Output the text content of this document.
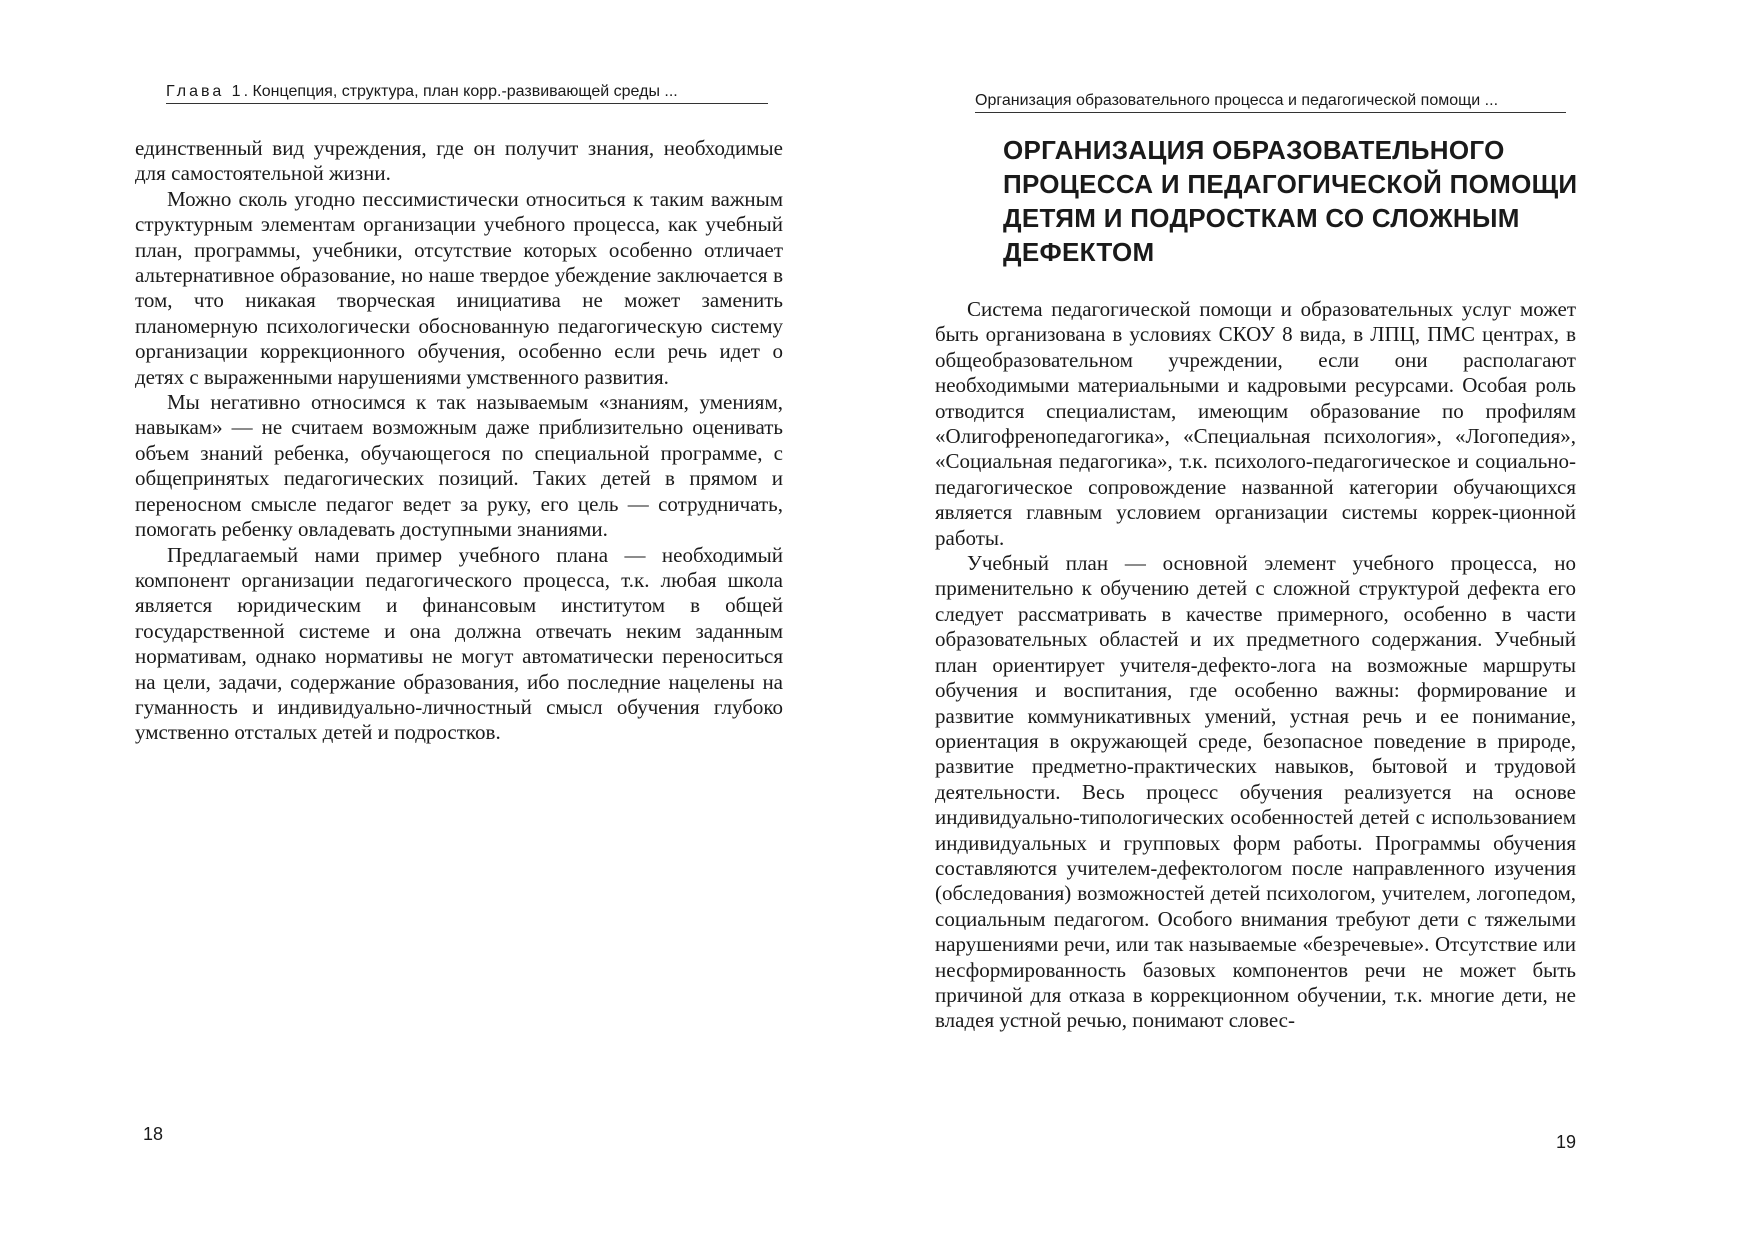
Глава 1. Концепция, структура, план корр.-развивающей среды ...

единственный вид учреждения, где он получит знания, необходимые для самостоятельной жизни.

Можно сколь угодно пессимистически относиться к таким важным структурным элементам организации учебного процесса, как учебный план, программы, учебники, отсутствие которых особенно отличает альтернативное образование, но наше твердое убеждение заключается в том, что никакая творческая инициатива не может заменить планомерную психологически обоснованную педагогическую систему организации коррекционного обучения, особенно если речь идет о детях с выраженными нарушениями умственного развития.

Мы негативно относимся к так называемым «знаниям, умениям, навыкам» — не считаем возможным даже приблизительно оценивать объем знаний ребенка, обучающегося по специальной программе, с общепринятых педагогических позиций. Таких детей в прямом и переносном смысле педагог ведет за руку, его цель — сотрудничать, помогать ребенку овладевать доступными знаниями.

Предлагаемый нами пример учебного плана — необходимый компонент организации педагогического процесса, т.к. любая школа является юридическим и финансовым институтом в общей государственной системе и она должна отвечать неким заданным нормативам, однако нормативы не могут автоматически переноситься на цели, задачи, содержание образования, ибо последние нацелены на гуманность и индивидуально-личностный смысл обучения глубоко умственно отсталых детей и подростков.

18
Организация образовательного процесса и педагогической помощи ...
ОРГАНИЗАЦИЯ ОБРАЗОВАТЕЛЬНОГО ПРОЦЕССА И ПЕДАГОГИЧЕСКОЙ ПОМОЩИ ДЕТЯМ И ПОДРОСТКАМ СО СЛОЖНЫМ ДЕФЕКТОМ

Система педагогической помощи и образовательных услуг может быть организована в условиях СКОУ 8 вида, в ЛПЦ, ПМС центрах, в общеобразовательном учреждении, если они располагают необходимыми материальными и кадровыми ресурсами. Особая роль отводится специалистам, имеющим образование по профилям «Олигофренопедагогика», «Специальная психология», «Логопедия», «Социальная педагогика», т.к. психолого-педагогическое и социально-педагогическое сопровождение названной категории обучающихся является главным условием организации системы коррек-ционной работы.

Учебный план — основной элемент учебного процесса, но применительно к обучению детей с сложной структурой дефекта его следует рассматривать в качестве примерного, особенно в части образовательных областей и их предметного содержания. Учебный план ориентирует учителя-дефекто-лога на возможные маршруты обучения и воспитания, где особенно важны: формирование и развитие коммуникативных умений, устная речь и ее понимание, ориентация в окружающей среде, безопасное поведение в природе, развитие предметно-практических навыков, бытовой и трудовой деятельности. Весь процесс обучения реализуется на основе индивидуально-типологических особенностей детей с использованием индивидуальных и групповых форм работы. Программы обучения составляются учителем-дефектологом после направленного изучения (обследования) возможностей детей психологом, учителем, логопедом, социальным педагогом. Особого внимания требуют дети с тяжелыми нарушениями речи, или так называемые «безречевые». Отсутствие или несформированность базовых компонентов речи не может быть причиной для отказа в коррекционном обучении, т.к. многие дети, не владея устной речью, понимают словес-

19
